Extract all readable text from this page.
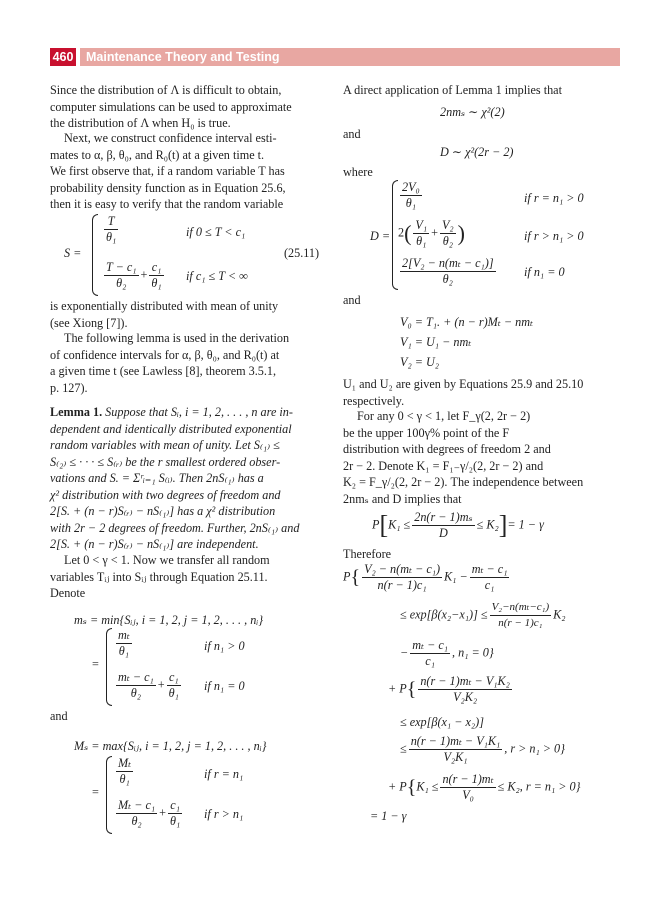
460	Maintenance Theory and Testing
Since the distribution of Λ is difficult to obtain,
computer simulations can be used to approximate
the distribution of Λ when H₀ is true.
Next, we construct confidence interval esti-
mates to α, β, θ₀, and R₀(t) at a given time t.
We first observe that, if a random variable T has
probability density function as in Equation 25.6,
then it is easy to verify that the random variable
S =
$\frac{T}{\text{θ₁}}$	if 0 ≤ T < c₁
$\frac{\text{T − c₁}}{\text{θ₂}} + \frac{\text{c₁}}{\text{θ₁}}$ if c₁ ≤ T < ∞
(25.11)
is exponentially distributed with mean of unity
(see Xiong [7]).
The following lemma is used in the derivation
of confidence intervals for α, β, θ₀, and R₀(t) at
a given time t (see Lawless [8], theorem 3.5.1,
p. 127).
Lemma 1. Suppose that Sᵢ, i = 1, 2, . . . , n are in-
dependent and identically distributed exponential
random variables with mean of unity. Let S₍₁₎ ≤
S₍₂₎ ≤ · · · ≤ S₍ᵣ₎ be the r smallest ordered obser-
vations and S. = Σʳᵢ₌₁ S₍ᵢ₎. Then 2nS₍₁₎ has a
χ² distribution with two degrees of freedom and
2[S. + (n − r)S₍ᵣ₎ − nS₍₁₎] has a χ² distribution
with 2r − 2 degrees of freedom. Further, 2nS₍₁₎ and
2[S. + (n − r)S₍ᵣ₎ − nS₍₁₎] are independent.
Let 0 < γ < 1. Now we transfer all random
variables Tᵢⱼ into Sᵢⱼ through Equation 25.11.
Denote
mₛ = min{Sᵢⱼ, i = 1, 2, j = 1, 2, . . . , nᵢ}
=
$\frac{\text{mₜ}}{\text{θ₁}}$	if n₁ > 0
$\frac{\text{mₜ − c₁}}{\text{θ₂}} + \frac{\text{c₁}}{\text{θ₁}}$ if n₁ = 0
and
Mₛ = max{Sᵢⱼ, i = 1, 2, j = 1, 2, . . . , nᵢ}
=
$\frac{\text{Mₜ}}{\text{θ₁}}$	if r = n₁
$\frac{\text{Mₜ − c₁}}{\text{θ₂}} + \frac{\text{c₁}}{\text{θ₁}}$ if r > n₁
A direct application of Lemma 1 implies that
2nmₛ ∼ χ²(2)
and
D ∼ χ²(2r − 2)
where
D =
$\frac{\text{2V₀}}{\text{θ₁}}$	if r = n₁ > 0
$2( \frac{\text{V₁}}{\text{θ₁}} + \frac{\text{V₂}}{\text{θ₂}}$ )	if r > n₁ > 0
$\frac{\text{2[V₂ − n(mₜ − c₁)]}}{\text{θ₂}}$ if n₁ = 0
and
V₀ = T₁. + (n − r)Mₜ − nmₜ
V₁ = U₁ − nmₜ
V₂ = U₂
U₁ and U₂ are given by Equations 25.9 and 25.10
respectively.
For any 0 < γ < 1, let F_γ(2, 2r − 2)
be the upper 100γ% point of the F
distribution with degrees of freedom 2 and
2r − 2. Denote K₁ = F₁₋γ/₂(2, 2r − 2) and
K₂ = F_γ/₂(2, 2r − 2). The independence between
2nmₛ and D implies that
$P[K_1 \le \frac{\text{2n(r − 1)mₛ}}{D} \le K_2]= 1 - \gamma$
Therefore
$P\{ \frac{\text{V₂ − n(mₜ − c₁)}}{\text{n(r − 1)c₁}} K_1 - \frac{\text{mₜ − c₁}}{\text{c₁}}$
≤ $\exp[\beta(x_2-x_1)] \le \frac{\text{V₂−n(mₜ−c₁)}}{\text{n(r − 1)c₁}} K_2$
− $\frac{\text{mₜ − c₁}}{\text{c₁}}$ , n₁ = 0}
+ $P\{ \frac{\text{n(r − 1)mₜ − V₁K₂}}{\text{V₂K₂}}$
≤ exp[β(x₁ − x₂)]
≤ $\frac{\text{n(r − 1)mₜ − V₁K₁}}{\text{V₂K₁}}$ , r > n₁ > 0}
+ $P\{K_1 \le \frac{\text{n(r − 1)mₜ}}{\text{V₀}} \le K_2$, r = n₁ > 0}
= 1 − γ
